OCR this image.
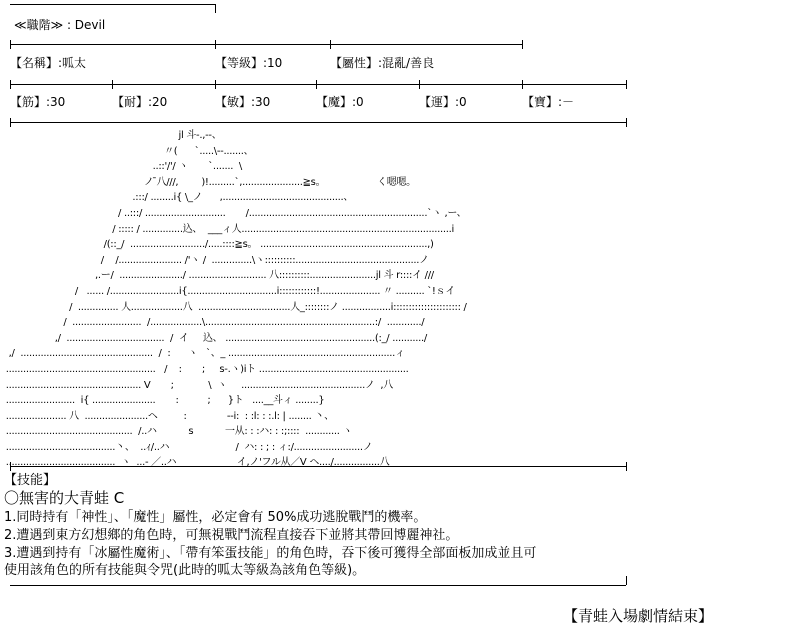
≪職階≫ : Devil
【名稱】:呱太	【等級】:10	【屬性】:混亂/善良
【筋】:30	【耐】:20	【敏】:30	【魔】:0	【運】:0	【寶】:－
jl 斗-.,--、
〃(      `.....\--.......、
..::'/'/ ヽ       `.......  \
ノ ̄八///,        )!.........`,.....................≧s。                  く嗯嗯。
.:::/ ........i{ \_ノ      ,..........................................、
/ ..:::/ ............................       /..............................................................`ヽ ,ー、
/ ::::: / ..............込、  ___ィ人.........................................................................i
/(::_/  ........................../.....::::≧s。 ..........................................................,)
/    /...................... /'ヽ /  ..............\ヽ::::::::::...........................................ノ
,.ー/  ....................../ ........................... 八::::::::::.......................jl 斗 r::::イ ///
/   ...... /........................i{...............................i::::::::::::!..................... 〃 .......... `!ｓイ
/  .............. 人..................八  ................................人_::::::::ノ .................i:::::::::::::::::::::: /
/  ........................  /..................\...........................................................:/  ............/
,/  ..................................  /  イ     込、 ....................................................(:_/ .........../
,/  ..............................................  /  :      ヽ   `、_ ..........................................................ィ
....................................................   /    :       ;     s-.ヽ)iト ....................................................
............................................... V       ;            \  ヽ     ...........................................ノ  ,八
........................  i{ ......................       :          ;      }ト   ....__斗ィ ........}
..................... 八  ......................ヘ         :              --i:  : :l: : :.l: | ........ 丶、
............................................  /..ハ           s           一从: : :ハ: : :;::::  ............ ヽ
......................................丶、  ..ｨ/..ハ                       /  ハ: : ; : ィ:/........................ノ
......................................  ヽ  ...‐ ／..ハ                     イ,ノ'フル从／V ヘ..../................八
【技能】
〇無害的大青蛙 C
1.同時持有「神性」、「魔性」屬性，必定會有 50%成功逃脫戰鬥的機率。
2.遭遇到東方幻想鄉的角色時，可無視戰鬥流程直接吞下並將其帶回博麗神社。
3.遭遇到持有「冰屬性魔術」、「帶有笨蛋技能」的角色時，吞下後可獲得全部面板加成並且可
使用該角色的所有技能與令咒(此時的呱太等級為該角色等級)。
【青蛙入場劇情結束】
